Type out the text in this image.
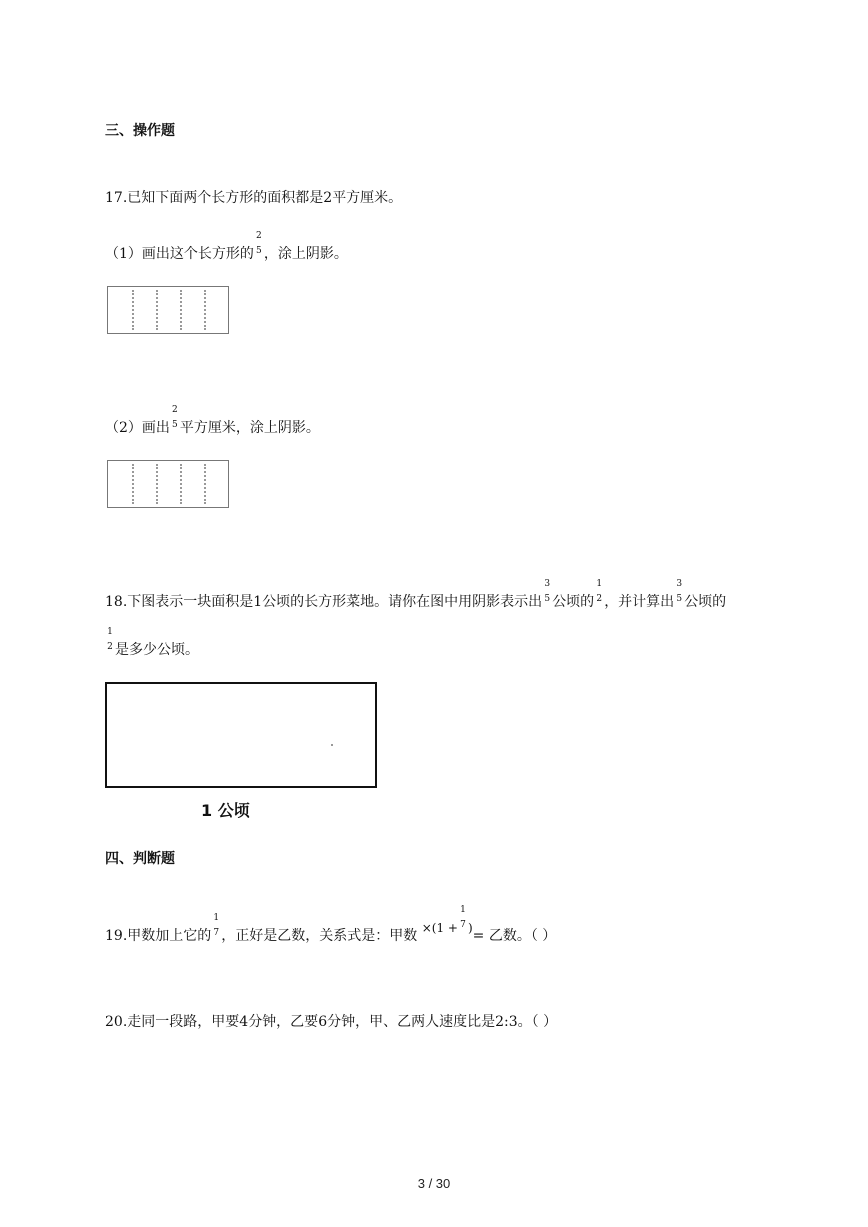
三、操作题
17.已知下面两个长方形的面积都是2平方厘米。
（1）画出这个长方形的
2
5 ，涂上阴影。
（2）画出
2
5 平方厘米，涂上阴影。
18.下图表示一块面积是1公顷的长方形菜地。请你在图中用阴影表示出
3
5 公顷的
1
2 ，并计算出
3
5 公顷的
1
2 是多少公顷。
1 公顷
四、判断题
19.甲数加上它的
1
7 ，正好是乙数，关系式是：甲数 ×(1 +
1
7 )= 乙数。（ ）
20.走同一段路，甲要4分钟，乙要6分钟，甲、乙两人速度比是2:3。（ ）
3 / 30
